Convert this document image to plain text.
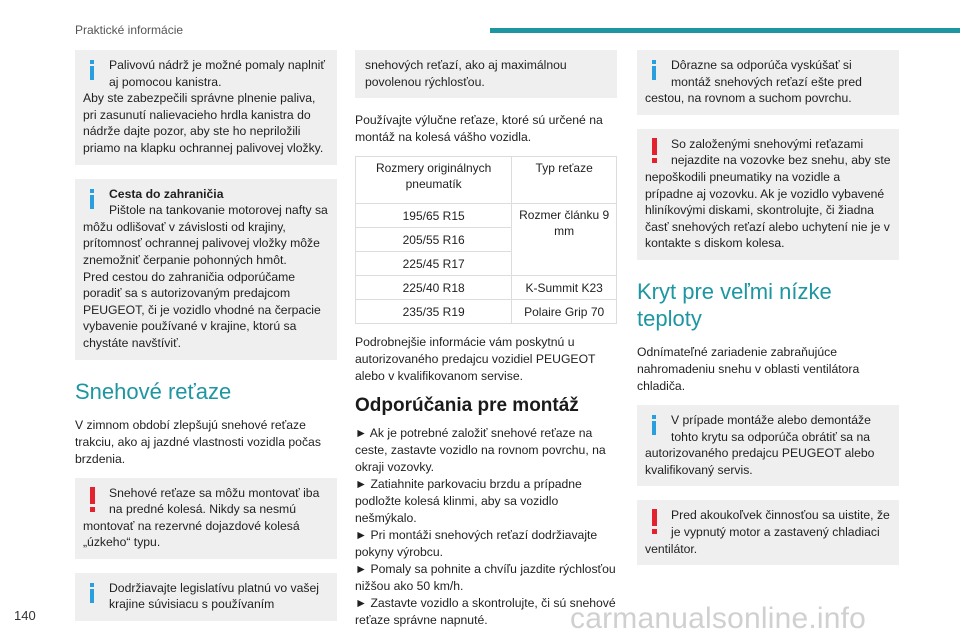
Praktické informácie

Palivovú nádrž je možné pomaly naplniť aj pomocou kanistra.

Aby ste zabezpečili správne plnenie paliva, pri zasunutí nalievacieho hrdla kanistra do nádrže dajte pozor, aby ste ho nepriložili priamo na klapku ochrannej palivovej vložky.

Cesta do zahraničia

Pištole na tankovanie motorovej nafty sa môžu odlišovať v závislosti od krajiny, prítomnosť ochrannej palivovej vložky môže znemožniť čerpanie pohonných hmôt.

Pred cestou do zahraničia odporúčame poradiť sa s autorizovaným predajcom PEUGEOT, či je vozidlo vhodné na čerpacie vybavenie používané v krajine, ktorú sa chystáte navštíviť.

Snehové reťaze

V zimnom období zlepšujú snehové reťaze trakciu, ako aj jazdné vlastnosti vozidla počas brzdenia.

Snehové reťaze sa môžu montovať iba na predné kolesá. Nikdy sa nesmú montovať na rezervné dojazdové kolesá „úzkeho“ typu.

Dodržiavajte legislatívu platnú vo vašej krajine súvisiacu s používaním

snehových reťazí, ako aj maximálnou povolenou rýchlosťou.

Používajte výlučne reťaze, ktoré sú určené na montáž na kolesá vášho vozidla.

Rozmery originálnych pneumatík	Typ reťaze
195/65 R15	Rozmer článku 9 mm
205/55 R16	
225/45 R17	
225/40 R18	K-Summit K23
235/35 R19	Polaire Grip 70

Podrobnejšie informácie vám poskytnú u autorizovaného predajcu vozidiel PEUGEOT alebo v kvalifikovanom servise.

Odporúčania pre montáž

► Ak je potrebné založiť snehové reťaze na ceste, zastavte vozidlo na rovnom povrchu, na okraji vozovky.

► Zatiahnite parkovaciu brzdu a prípadne podložte kolesá klinmi, aby sa vozidlo nešmýkalo.

► Pri montáži snehových reťazí dodržiavajte pokyny výrobcu.

► Pomaly sa pohnite a chvíľu jazdite rýchlosťou nižšou ako 50 km/h.

► Zastavte vozidlo a skontrolujte, či sú snehové reťaze správne napnuté.

Dôrazne sa odporúča vyskúšať si montáž snehových reťazí ešte pred cestou, na rovnom a suchom povrchu.

So založenými snehovými reťazami nejazdite na vozovke bez snehu, aby ste nepoškodili pneumatiky na vozidle a prípadne aj vozovku. Ak je vozidlo vybavené hliníkovými diskami, skontrolujte, či žiadna časť snehových reťazí alebo uchytení nie je v kontakte s diskom kolesa.

Kryt pre veľmi nízke teploty

Odnímateľné zariadenie zabraňujúce nahromadeniu snehu v oblasti ventilátora chladiča.

V prípade montáže alebo demontáže tohto krytu sa odporúča obrátiť sa na autorizovaného predajcu PEUGEOT alebo kvalifikovaný servis.

Pred akoukoľvek činnosťou sa uistite, že je vypnutý motor a zastavený chladiaci ventilátor.

140	carmanualsonline.info
